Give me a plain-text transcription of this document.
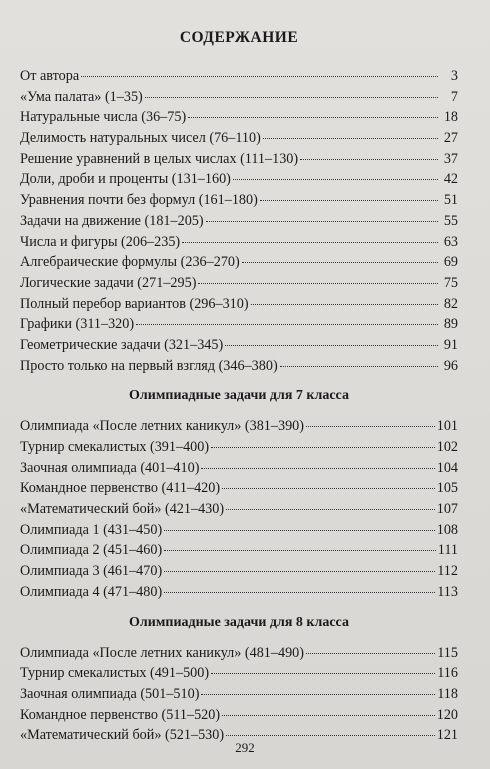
СОДЕРЖАНИЕ
От автора	3
«Ума палата» (1–35)	7
Натуральные числа (36–75)	18
Делимость натуральных чисел (76–110)	27
Решение уравнений в целых числах (111–130)	37
Доли, дроби и проценты (131–160)	42
Уравнения почти без формул (161–180)	51
Задачи на движение (181–205)	55
Числа и фигуры (206–235)	63
Алгебраические формулы (236–270)	69
Логические задачи (271–295)	75
Полный перебор вариантов (296–310)	82
Графики (311–320)	89
Геометрические задачи (321–345)	91
Просто только на первый взгляд (346–380)	96
Олимпиадные задачи для 7 класса
Олимпиада «После летних каникул» (381–390)	101
Турнир смекалистых (391–400)	102
Заочная олимпиада (401–410)	104
Командное первенство (411–420)	105
«Математический бой» (421–430)	107
Олимпиада 1 (431–450)	108
Олимпиада 2 (451–460)	111
Олимпиада 3 (461–470)	112
Олимпиада 4 (471–480)	113
Олимпиадные задачи для 8 класса
Олимпиада «После летних каникул» (481–490)	115
Турнир смекалистых (491–500)	116
Заочная олимпиада (501–510)	118
Командное первенство (511–520)	120
«Математический бой» (521–530)	121
292
